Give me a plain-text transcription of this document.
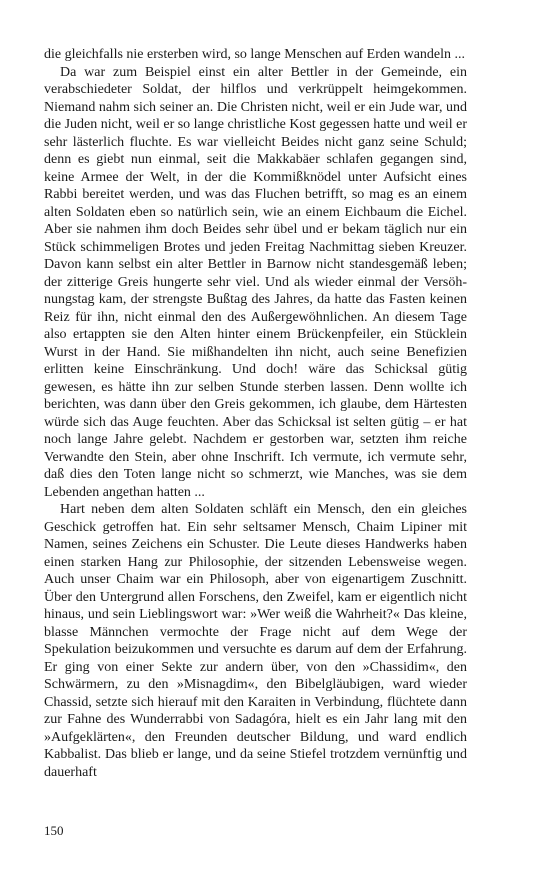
die gleichfalls nie ersterben wird, so lange Menschen auf Erden wandeln ...

Da war zum Beispiel einst ein alter Bettler in der Gemeinde, ein verabschiedeter Soldat, der hilflos und verkrüppelt heimgekommen. Niemand nahm sich seiner an. Die Christen nicht, weil er ein Jude war, und die Juden nicht, weil er so lange christliche Kost gegessen hatte und weil er sehr lästerlich fluchte. Es war vielleicht Beides nicht ganz seine Schuld; denn es giebt nun einmal, seit die Makkabäer schlafen gegangen sind, keine Armee der Welt, in der die Kommißknödel unter Aufsicht eines Rabbi bereitet werden, und was das Fluchen betrifft, so mag es an einem alten Soldaten eben so natürlich sein, wie an einem Eichbaum die Eichel. Aber sie nahmen ihm doch Beides sehr übel und er bekam täglich nur ein Stück schimmeligen Brotes und jeden Freitag Nachmittag sieben Kreuzer. Davon kann selbst ein alter Bettler in Barnow nicht standesgemäß leben; der zitterige Greis hungerte sehr viel. Und als wieder einmal der Versöhnungstag kam, der strengste Bußtag des Jahres, da hatte das Fasten keinen Reiz für ihn, nicht einmal den des Außergewöhnlichen. An diesem Tage also ertappten sie den Alten hinter einem Brückenpfeiler, ein Stücklein Wurst in der Hand. Sie mißhandelten ihn nicht, auch seine Benefizien erlitten keine Einschränkung. Und doch! wäre das Schicksal gütig gewesen, es hätte ihn zur selben Stunde sterben lassen. Denn wollte ich berichten, was dann über den Greis gekommen, ich glaube, dem Härtesten würde sich das Auge feuchten. Aber das Schicksal ist selten gütig – er hat noch lange Jahre gelebt. Nachdem er gestorben war, setzten ihm reiche Verwandte den Stein, aber ohne Inschrift. Ich vermute, ich vermute sehr, daß dies den Toten lange nicht so schmerzt, wie Manches, was sie dem Lebenden angethan hatten ...

Hart neben dem alten Soldaten schläft ein Mensch, den ein gleiches Geschick getroffen hat. Ein sehr seltsamer Mensch, Chaim Lipiner mit Namen, seines Zeichens ein Schuster. Die Leute dieses Handwerks haben einen starken Hang zur Philosophie, der sitzenden Lebensweise wegen. Auch unser Chaim war ein Philosoph, aber von eigenartigem Zuschnitt. Über den Untergrund allen Forschens, den Zweifel, kam er eigentlich nicht hinaus, und sein Lieblingswort war: »Wer weiß die Wahrheit?« Das kleine, blasse Männchen vermochte der Frage nicht auf dem Wege der Spekulation beizukommen und versuchte es darum auf dem der Erfahrung. Er ging von einer Sekte zur andern über, von den »Chassidim«, den Schwärmern, zu den »Misnagdim«, den Bibelgläubigen, ward wieder Chassid, setzte sich hierauf mit den Karaiten in Verbindung, flüchtete dann zur Fahne des Wunderrabbi von Sadagóra, hielt es ein Jahr lang mit den »Aufgeklärten«, den Freunden deutscher Bildung, und ward endlich Kabbalist. Das blieb er lange, und da seine Stiefel trotzdem vernünftig und dauerhaft

150
